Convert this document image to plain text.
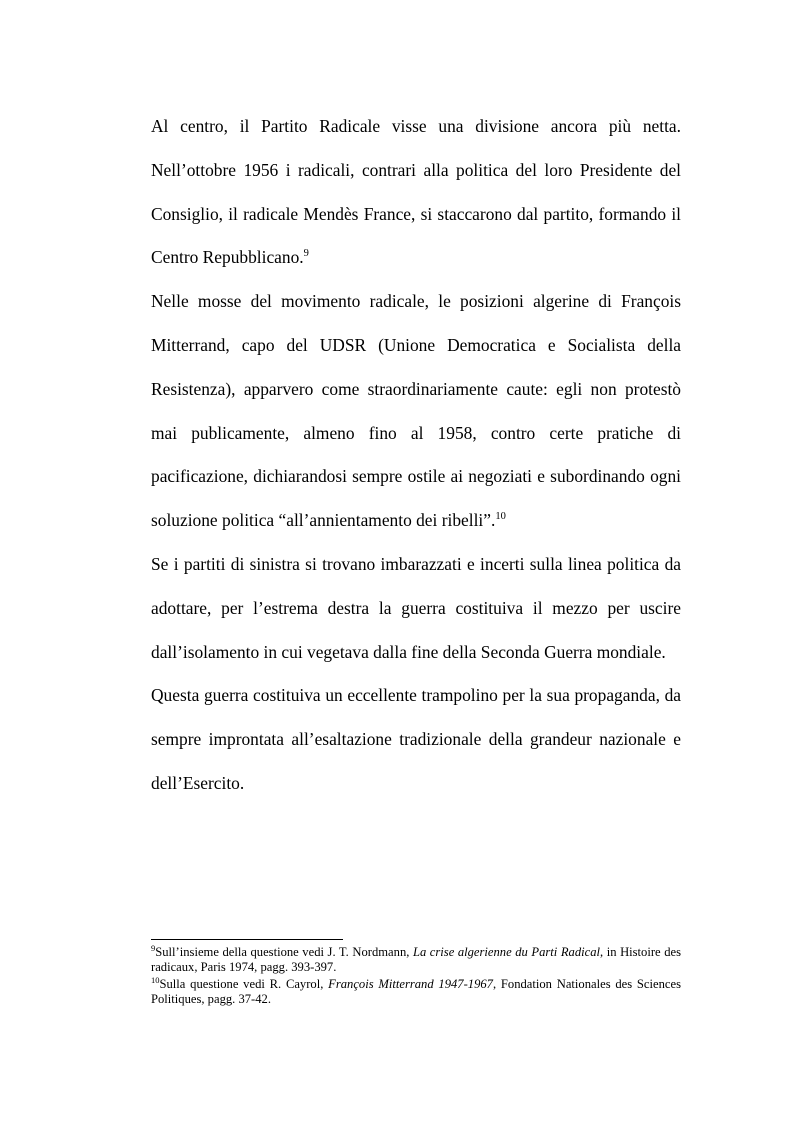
Al centro, il Partito Radicale visse una divisione ancora più netta. Nell’ottobre 1956 i radicali, contrari alla politica del loro Presidente del Consiglio, il radicale Mendès France, si staccarono dal partito, formando il Centro Repubblicano.$^9$

Nelle mosse del movimento radicale, le posizioni algerine di François Mitterrand, capo del UDSR (Unione Democratica e Socialista della Resistenza), apparvero come straordinariamente caute: egli non protestò mai publicamente, almeno fino al 1958, contro certe pratiche di pacificazione, dichiarandosi sempre ostile ai negoziati e subordinando ogni soluzione politica “all’annientamento dei ribelli”.$^{10}$

Se i partiti di sinistra si trovano imbarazzati e incerti sulla linea politica da adottare, per l’estrema destra la guerra costituiva il mezzo per uscire dall’isolamento in cui vegetava dalla fine della Seconda Guerra mondiale.

Questa guerra costituiva un eccellente trampolino per la sua propaganda, da sempre improntata all’esaltazione tradizionale della grandeur nazionale e dell’Esercito.

$^9$Sull’insieme della questione vedi J. T. Nordmann, La crise algerienne du Parti Radical, in Histoire des radicaux, Paris 1974, pagg. 393-397.

$^{10}$Sulla questione vedi R. Cayrol, François Mitterrand 1947-1967, Fondation Nationales des Sciences Politiques, pagg. 37-42.
